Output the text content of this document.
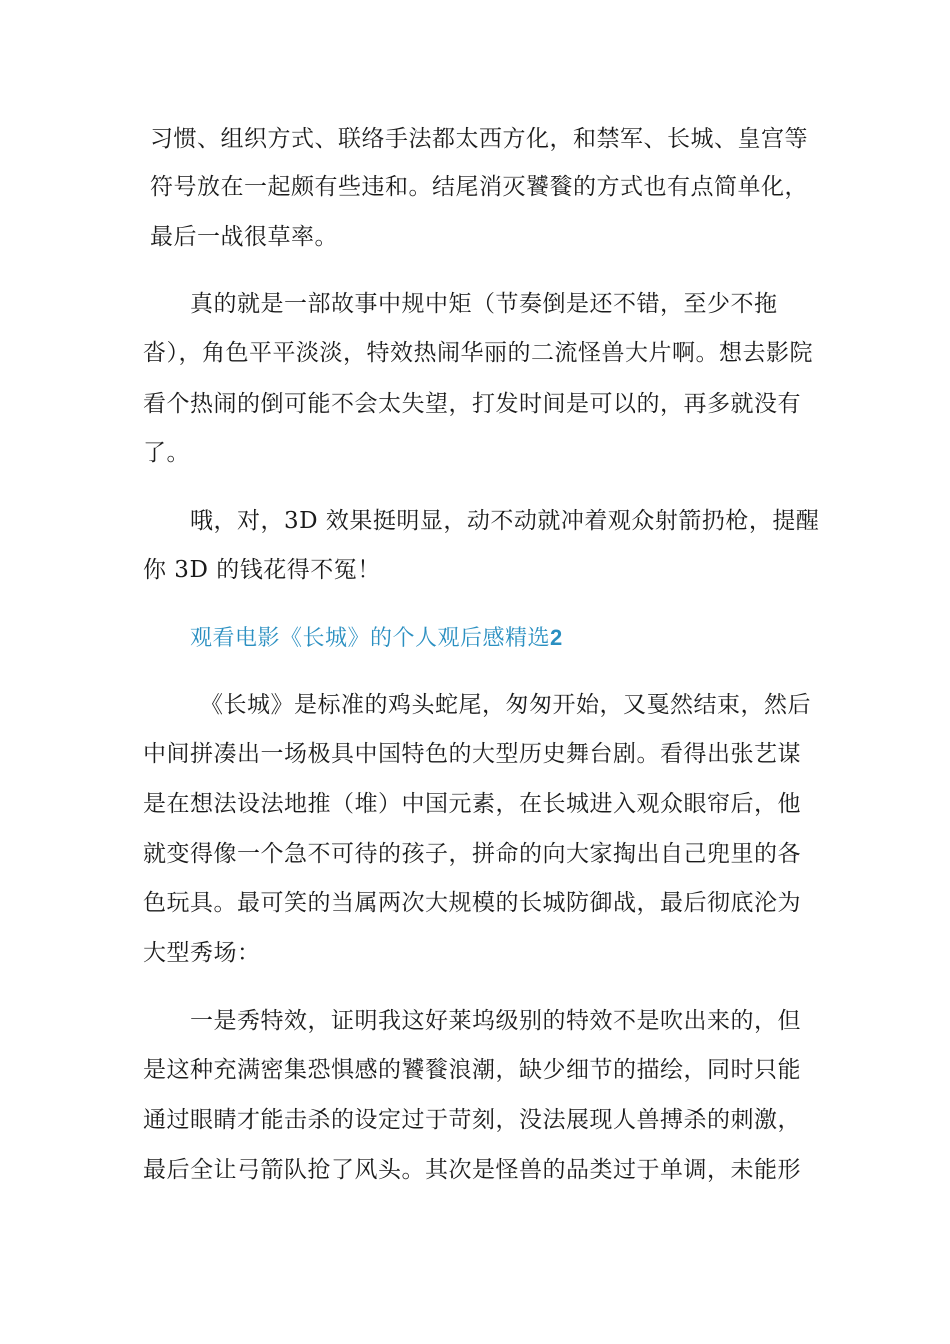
习惯、组织方式、联络手法都太西方化，和禁军、长城、皇宫等

符号放在一起颇有些违和。结尾消灭饕餮的方式也有点简单化，

最后一战很草率。

真的就是一部故事中规中矩（节奏倒是还不错，至少不拖

沓），角色平平淡淡，特效热闹华丽的二流怪兽大片啊。想去影院

看个热闹的倒可能不会太失望，打发时间是可以的，再多就没有

了。

哦，对，3D 效果挺明显，动不动就冲着观众射箭扔枪，提醒

你 3D 的钱花得不冤！

观看电影《长城》的个人观后感精选2

《长城》是标准的鸡头蛇尾，匆匆开始，又戛然结束，然后

中间拼凑出一场极具中国特色的大型历史舞台剧。看得出张艺谋

是在想法设法地推（堆）中国元素，在长城进入观众眼帘后，他

就变得像一个急不可待的孩子，拼命的向大家掏出自己兜里的各

色玩具。最可笑的当属两次大规模的长城防御战，最后彻底沦为

大型秀场：

一是秀特效，证明我这好莱坞级别的特效不是吹出来的，但

是这种充满密集恐惧感的饕餮浪潮，缺少细节的描绘，同时只能

通过眼睛才能击杀的设定过于苛刻，没法展现人兽搏杀的刺激，

最后全让弓箭队抢了风头。其次是怪兽的品类过于单调，未能形
